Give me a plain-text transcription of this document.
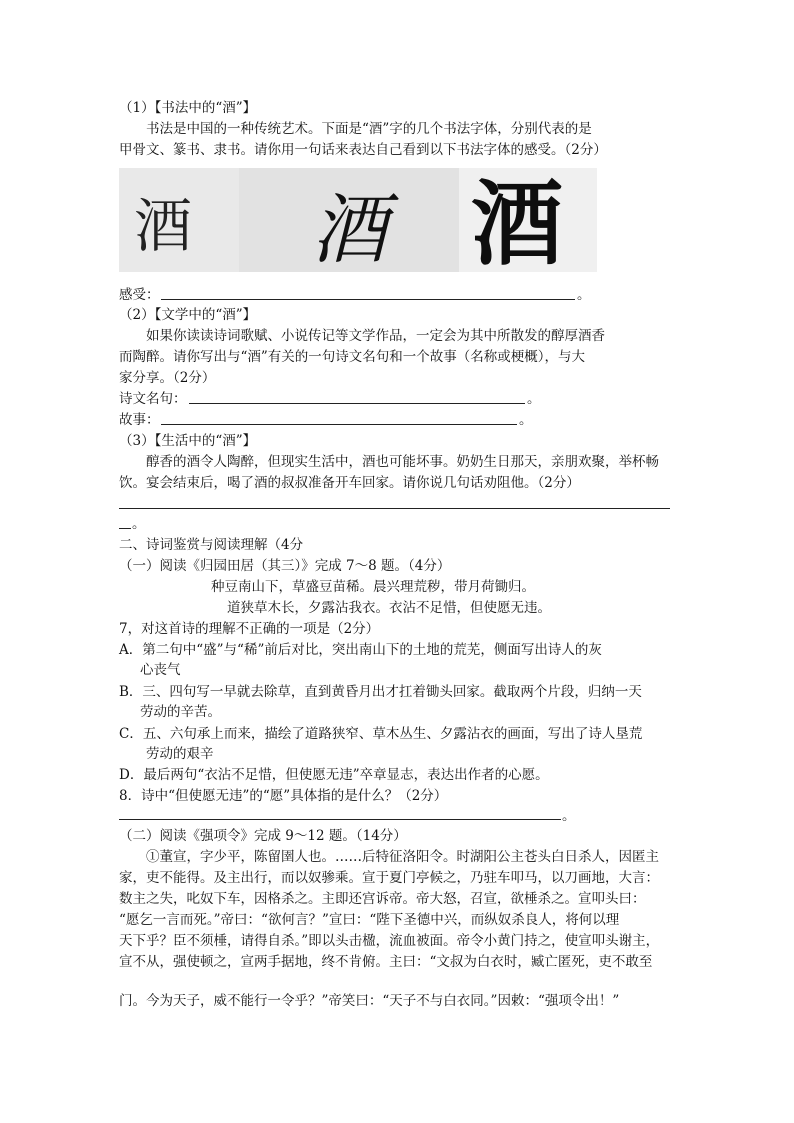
（1）【书法中的“酒”】
书法是中国的一种传统艺术。下面是“酒”字的几个书法字体，分别代表的是
甲骨文、篆书、隶书。请你用一句话来表达自己看到以下书法字体的感受。（2分）
酒 酒 酒
感受：	。
（2）【文学中的“酒”】
如果你读读诗词歌赋、小说传记等文学作品，一定会为其中所散发的醇厚酒香
而陶醉。请你写出与“酒”有关的一句诗文名句和一个故事（名称或梗概），与大
家分享。（2分）
诗文名句：	。
故事：	。
（3）【生活中的“酒”】
醇香的酒令人陶醉，但现实生活中，酒也可能坏事。奶奶生日那天，亲朋欢聚，举杯畅
饮。宴会结束后，喝了酒的叔叔准备开车回家。请你说几句话劝阻他。（2分）
。
二、诗词鉴赏与阅读理解（4分
（一）阅读《归园田居（其三）》完成 7～8 题。（4分）
种豆南山下，草盛豆苗稀。晨兴理荒秽，带月荷锄归。
道狭草木长，夕露沾我衣。衣沾不足惜，但使愿无违。
7，对这首诗的理解不正确的一项是（2分）
A．第二句中“盛”与“稀”前后对比，突出南山下的土地的荒芜，侧面写出诗人的灰
心丧气
B．三、四句写一早就去除草，直到黄昏月出才扛着锄头回家。截取两个片段，归纳一天
劳动的辛苦。
C．五、六句承上而来，描绘了道路狭窄、草木丛生、夕露沾衣的画面，写出了诗人垦荒
劳动的艰辛
D．最后两句“衣沾不足惜，但使愿无违”卒章显志，表达出作者的心愿。
8．诗中“但使愿无违”的“愿”具体指的是什么？（2分）
。
（二）阅读《强项令》完成 9～12 题。（14分）
①董宣，字少平，陈留圉人也。……后特征洛阳令。时湖阳公主苍头白日杀人，因匿主
家，吏不能得。及主出行，而以奴骖乘。宣于夏门亭候之，乃驻车叩马，以刀画地，大言：
数主之失，叱奴下车，因格杀之。主即还宫诉帝。帝大怒，召宣，欲棰杀之。宣叩头曰：
“愿乞一言而死。”帝曰：“欲何言？”宣曰：“陛下圣德中兴，而纵奴杀良人，将何以理
天下乎？臣不须棰，请得自杀。”即以头击楹，流血被面。帝令小黄门持之，使宣叩头谢主，
宣不从，强使顿之，宣两手据地，终不肯俯。主曰：“文叔为白衣时，臧亡匿死，吏不敢至
门。今为天子，威不能行一令乎？”帝笑曰：“天子不与白衣同。”因敕：“强项令出！”
